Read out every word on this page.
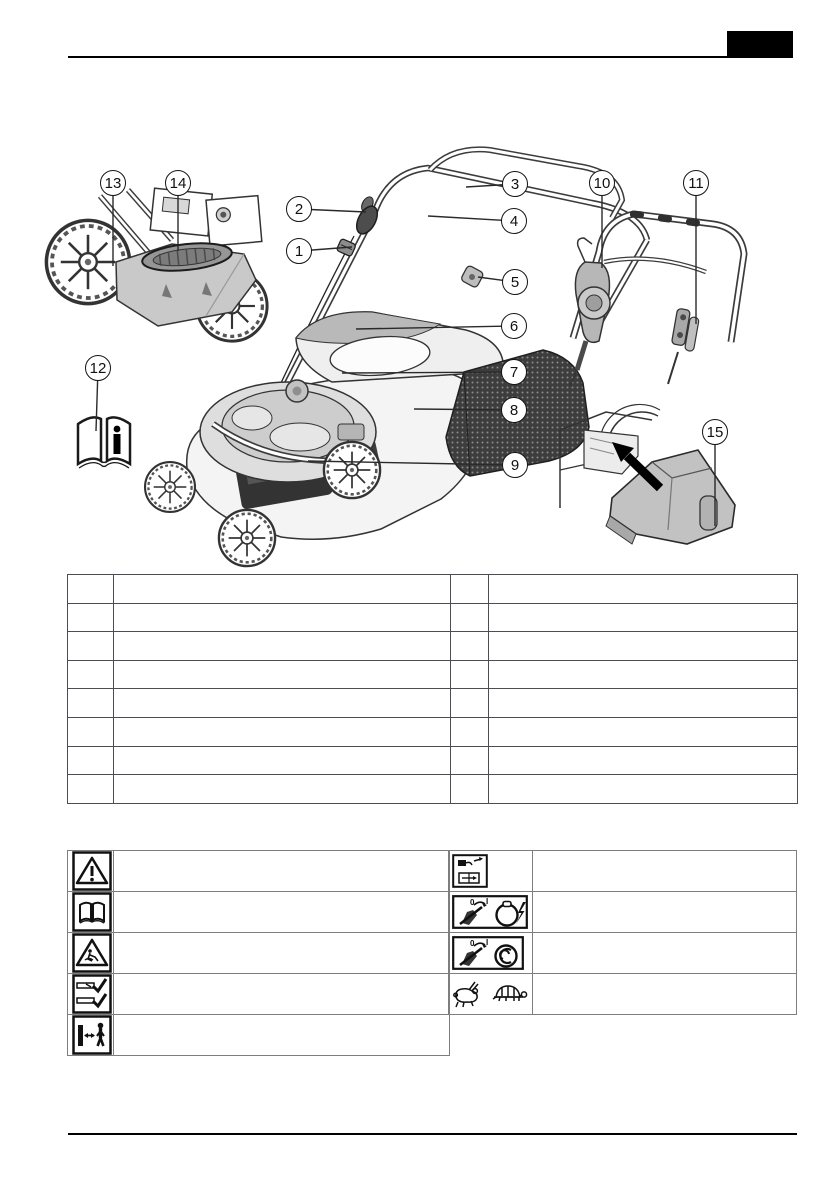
1
2
3
4
5
6
7
8
9
10	11
12
13	14
15

0 I	

0 I	
